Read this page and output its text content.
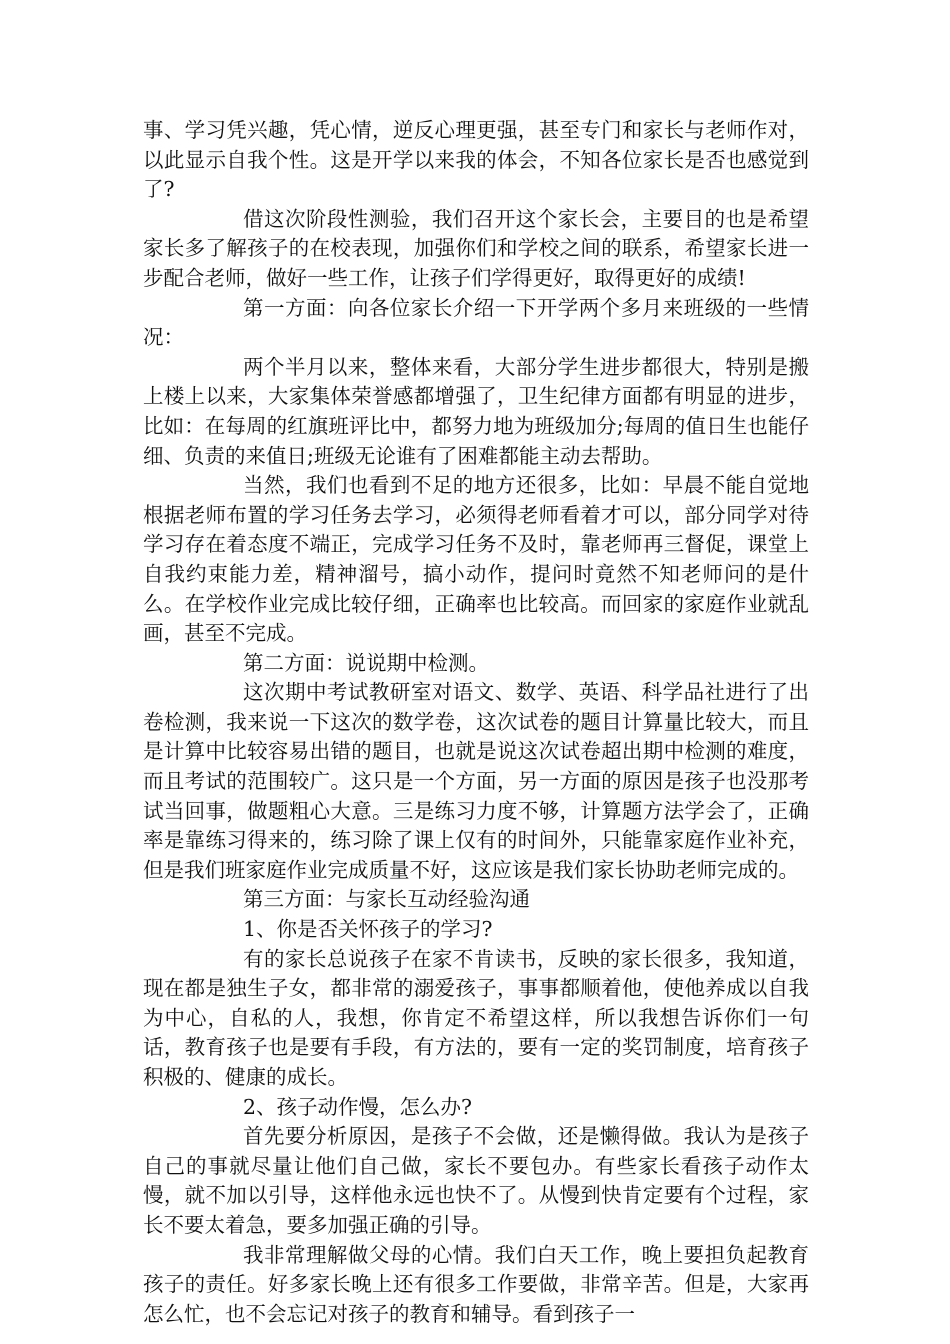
事、学习凭兴趣，凭心情，逆反心理更强，甚至专门和家长与老师作对，以此显示自我个性。这是开学以来我的体会，不知各位家长是否也感觉到了?

借这次阶段性测验，我们召开这个家长会，主要目的也是希望家长多了解孩子的在校表现，加强你们和学校之间的联系，希望家长进一步配合老师，做好一些工作，让孩子们学得更好，取得更好的成绩!

第一方面：向各位家长介绍一下开学两个多月来班级的一些情况：

两个半月以来，整体来看，大部分学生进步都很大，特别是搬上楼上以来，大家集体荣誉感都增强了，卫生纪律方面都有明显的进步，比如：在每周的红旗班评比中，都努力地为班级加分;每周的值日生也能仔细、负责的来值日;班级无论谁有了困难都能主动去帮助。

当然，我们也看到不足的地方还很多，比如：早晨不能自觉地根据老师布置的学习任务去学习，必须得老师看着才可以，部分同学对待学习存在着态度不端正，完成学习任务不及时，靠老师再三督促，课堂上自我约束能力差，精神溜号，搞小动作，提问时竟然不知老师问的是什么。在学校作业完成比较仔细，正确率也比较高。而回家的家庭作业就乱画，甚至不完成。

第二方面：说说期中检测。

这次期中考试教研室对语文、数学、英语、科学品社进行了出卷检测，我来说一下这次的数学卷，这次试卷的题目计算量比较大，而且是计算中比较容易出错的题目，也就是说这次试卷超出期中检测的难度，而且考试的范围较广。这只是一个方面，另一方面的原因是孩子也没那考试当回事，做题粗心大意。三是练习力度不够，计算题方法学会了，正确率是靠练习得来的，练习除了课上仅有的时间外，只能靠家庭作业补充，但是我们班家庭作业完成质量不好，这应该是我们家长协助老师完成的。

第三方面：与家长互动经验沟通

1、你是否关怀孩子的学习?

有的家长总说孩子在家不肯读书，反映的家长很多，我知道，现在都是独生子女，都非常的溺爱孩子，事事都顺着他，使他养成以自我为中心，自私的人，我想，你肯定不希望这样，所以我想告诉你们一句话，教育孩子也是要有手段，有方法的，要有一定的奖罚制度，培育孩子积极的、健康的成长。

2、孩子动作慢，怎么办?

首先要分析原因，是孩子不会做，还是懒得做。我认为是孩子自己的事就尽量让他们自己做，家长不要包办。有些家长看孩子动作太慢，就不加以引导，这样他永远也快不了。从慢到快肯定要有个过程，家长不要太着急，要多加强正确的引导。

我非常理解做父母的心情。我们白天工作，晚上要担负起教育孩子的责任。好多家长晚上还有很多工作要做，非常辛苦。但是，大家再怎么忙，也不会忘记对孩子的教育和辅导。看到孩子一
